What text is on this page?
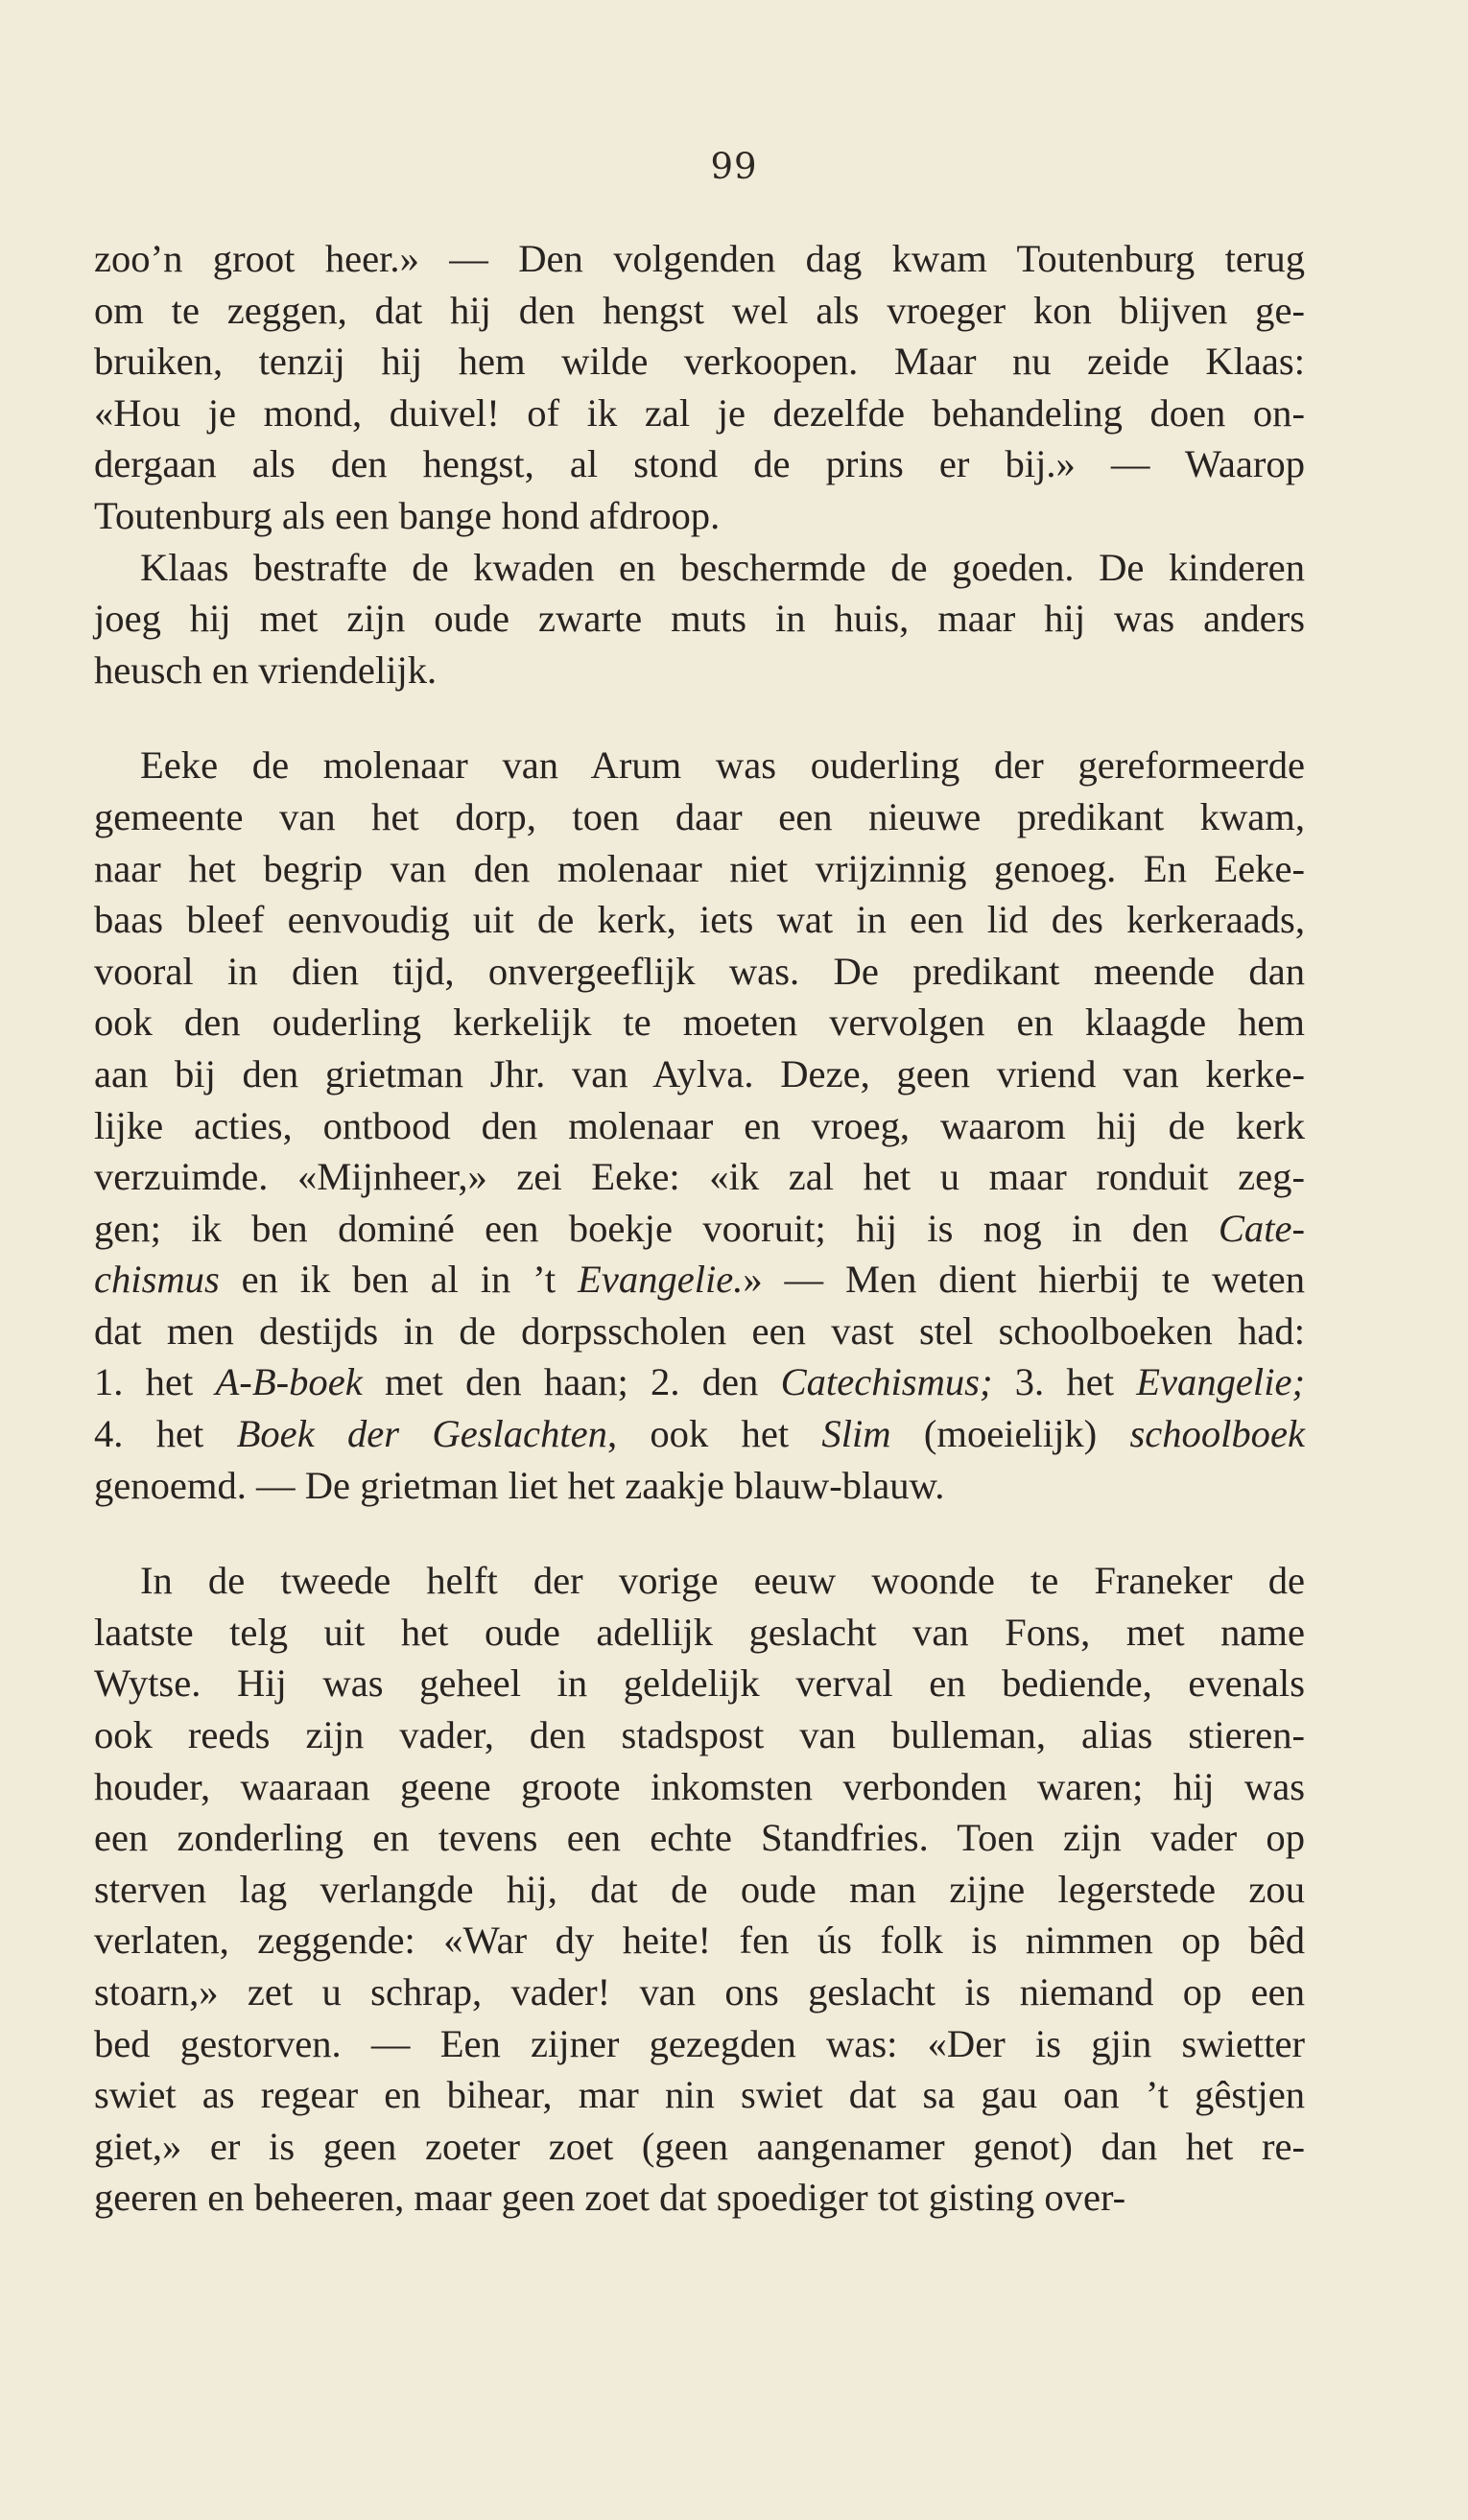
99
zoo’n groot heer.» — Den volgenden dag kwam Toutenburg terug
om te zeggen, dat hij den hengst wel als vroeger kon blijven ge-
bruiken, tenzij hij hem wilde verkoopen. Maar nu zeide Klaas:
«Hou je mond, duivel! of ik zal je dezelfde behandeling doen on-
dergaan als den hengst, al stond de prins er bij.» — Waarop
Toutenburg als een bange hond afdroop.
Klaas bestrafte de kwaden en beschermde de goeden. De kinderen
joeg hij met zijn oude zwarte muts in huis, maar hij was anders
heusch en vriendelijk.
Eeke de molenaar van Arum was ouderling der gereformeerde
gemeente van het dorp, toen daar een nieuwe predikant kwam,
naar het begrip van den molenaar niet vrijzinnig genoeg. En Eeke-
baas bleef eenvoudig uit de kerk, iets wat in een lid des kerkeraads,
vooral in dien tijd, onvergeeflijk was. De predikant meende dan
ook den ouderling kerkelijk te moeten vervolgen en klaagde hem
aan bij den grietman Jhr. van Aylva. Deze, geen vriend van kerke-
lijke acties, ontbood den molenaar en vroeg, waarom hij de kerk
verzuimde. «Mijnheer,» zei Eeke: «ik zal het u maar ronduit zeg-
gen; ik ben dominé een boekje vooruit; hij is nog in den Cate-
chismus en ik ben al in ’t Evangelie.» — Men dient hierbij te weten
dat men destijds in de dorpsscholen een vast stel schoolboeken had:
1. het A-B-boek met den haan; 2. den Catechismus; 3. het Evangelie;
4. het Boek der Geslachten, ook het Slim (moeielijk) schoolboek
genoemd. — De grietman liet het zaakje blauw-blauw.
In de tweede helft der vorige eeuw woonde te Franeker de
laatste telg uit het oude adellijk geslacht van Fons, met name
Wytse. Hij was geheel in geldelijk verval en bediende, evenals
ook reeds zijn vader, den stadspost van bulleman, alias stieren-
houder, waaraan geene groote inkomsten verbonden waren; hij was
een zonderling en tevens een echte Standfries. Toen zijn vader op
sterven lag verlangde hij, dat de oude man zijne legerstede zou
verlaten, zeggende: «War dy heite! fen ús folk is nimmen op bêd
stoarn,» zet u schrap, vader! van ons geslacht is niemand op een
bed gestorven. — Een zijner gezegden was: «Der is gjin swietter
swiet as regear en bihear, mar nin swiet dat sa gau oan ’t gêstjen
giet,» er is geen zoeter zoet (geen aangenamer genot) dan het re-
geeren en beheeren, maar geen zoet dat spoediger tot gisting over-
